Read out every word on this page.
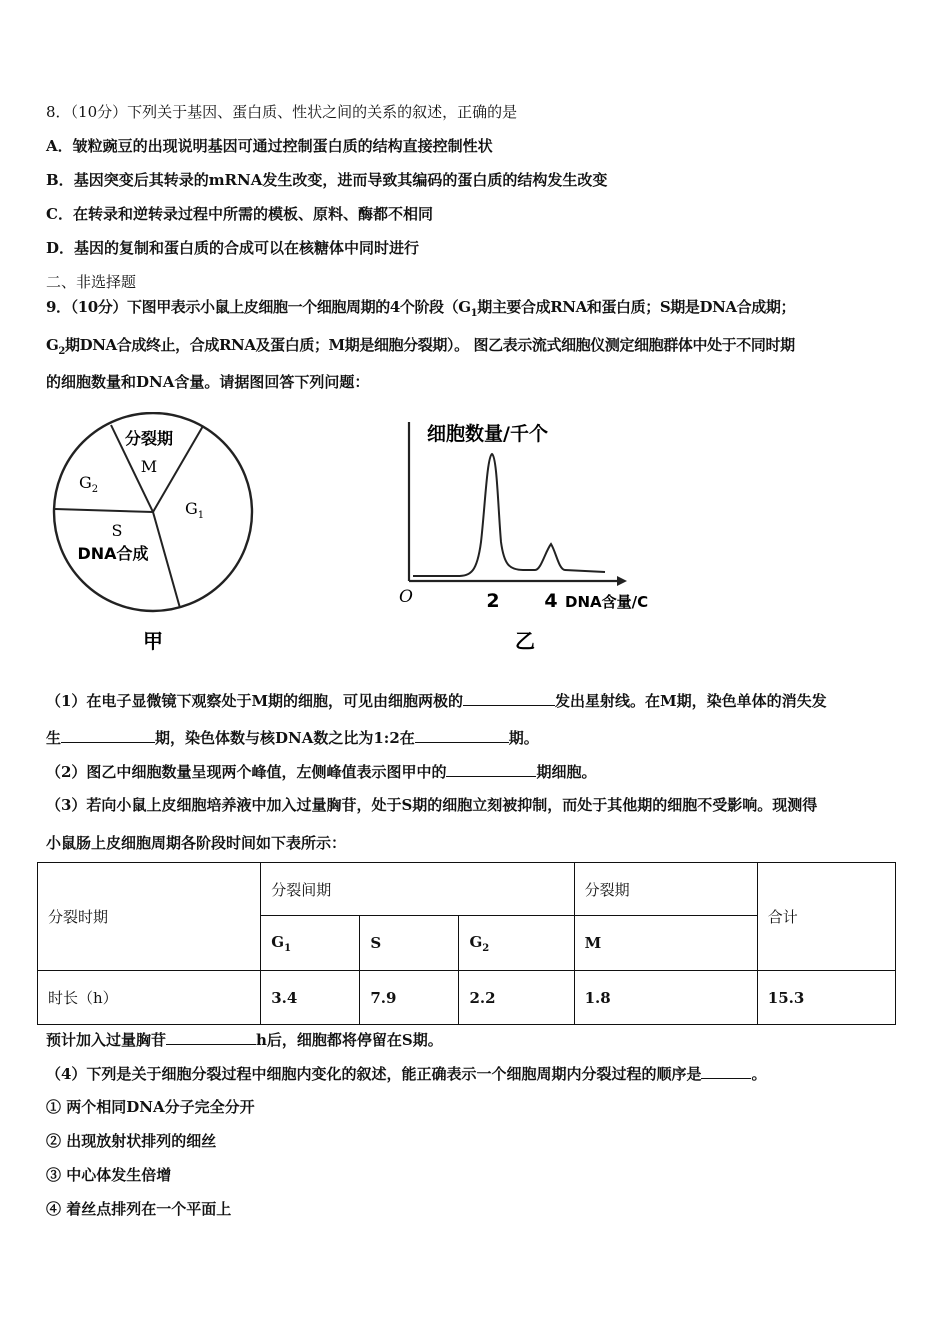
8．（10分）下列关于基因、蛋白质、性状之间的关系的叙述，正确的是
A．皱粒豌豆的出现说明基因可通过控制蛋白质的结构直接控制性状
B．基因突变后其转录的mRNA发生改变，进而导致其编码的蛋白质的结构发生改变
C．在转录和逆转录过程中所需的模板、原料、酶都不相同
D．基因的复制和蛋白质的合成可以在核糖体中同时进行
二、非选择题
9．（10分）下图甲表示小鼠上皮细胞一个细胞周期的4个阶段（$G_1$期主要合成RNA和蛋白质；S期是DNA合成期；
$G_2$期DNA合成终止，合成RNA及蛋白质；M期是细胞分裂期）。 图乙表示流式细胞仪测定细胞群体中处于不同时期
的细胞数量和DNA含量。请据图回答下列问题：
分裂期
M
$G_2$
$G_1$
S
DNA合成
甲
细胞数量/千个
O	2 4 DNA含量/C
乙
（1）在电子显微镜下观察处于M期的细胞，可见由细胞两极的	发出星射线。在M期，染色单体的消失发
生	期，染色体数与核DNA数之比为1:2在	期。
（2）图乙中细胞数量呈现两个峰值，左侧峰值表示图甲中的	期细胞。
（3）若向小鼠上皮细胞培养液中加入过量胸苷，处于S期的细胞立刻被抑制，而处于其他期的细胞不受影响。现测得
小鼠肠上皮细胞周期各阶段时间如下表所示：
分裂时期	分裂间期			分裂期	合计
	$G_1$	S	$G_2$	M	
时长（h）	3.4	7.9	2.2	1.8	15.3
预计加入过量胸苷	h后，细胞都将停留在S期。
（4）下列是关于细胞分裂过程中细胞内变化的叙述，能正确表示一个细胞周期内分裂过程的顺序是	。
① 两个相同DNA分子完全分开
② 出现放射状排列的细丝
③ 中心体发生倍增
④ 着丝点排列在一个平面上
